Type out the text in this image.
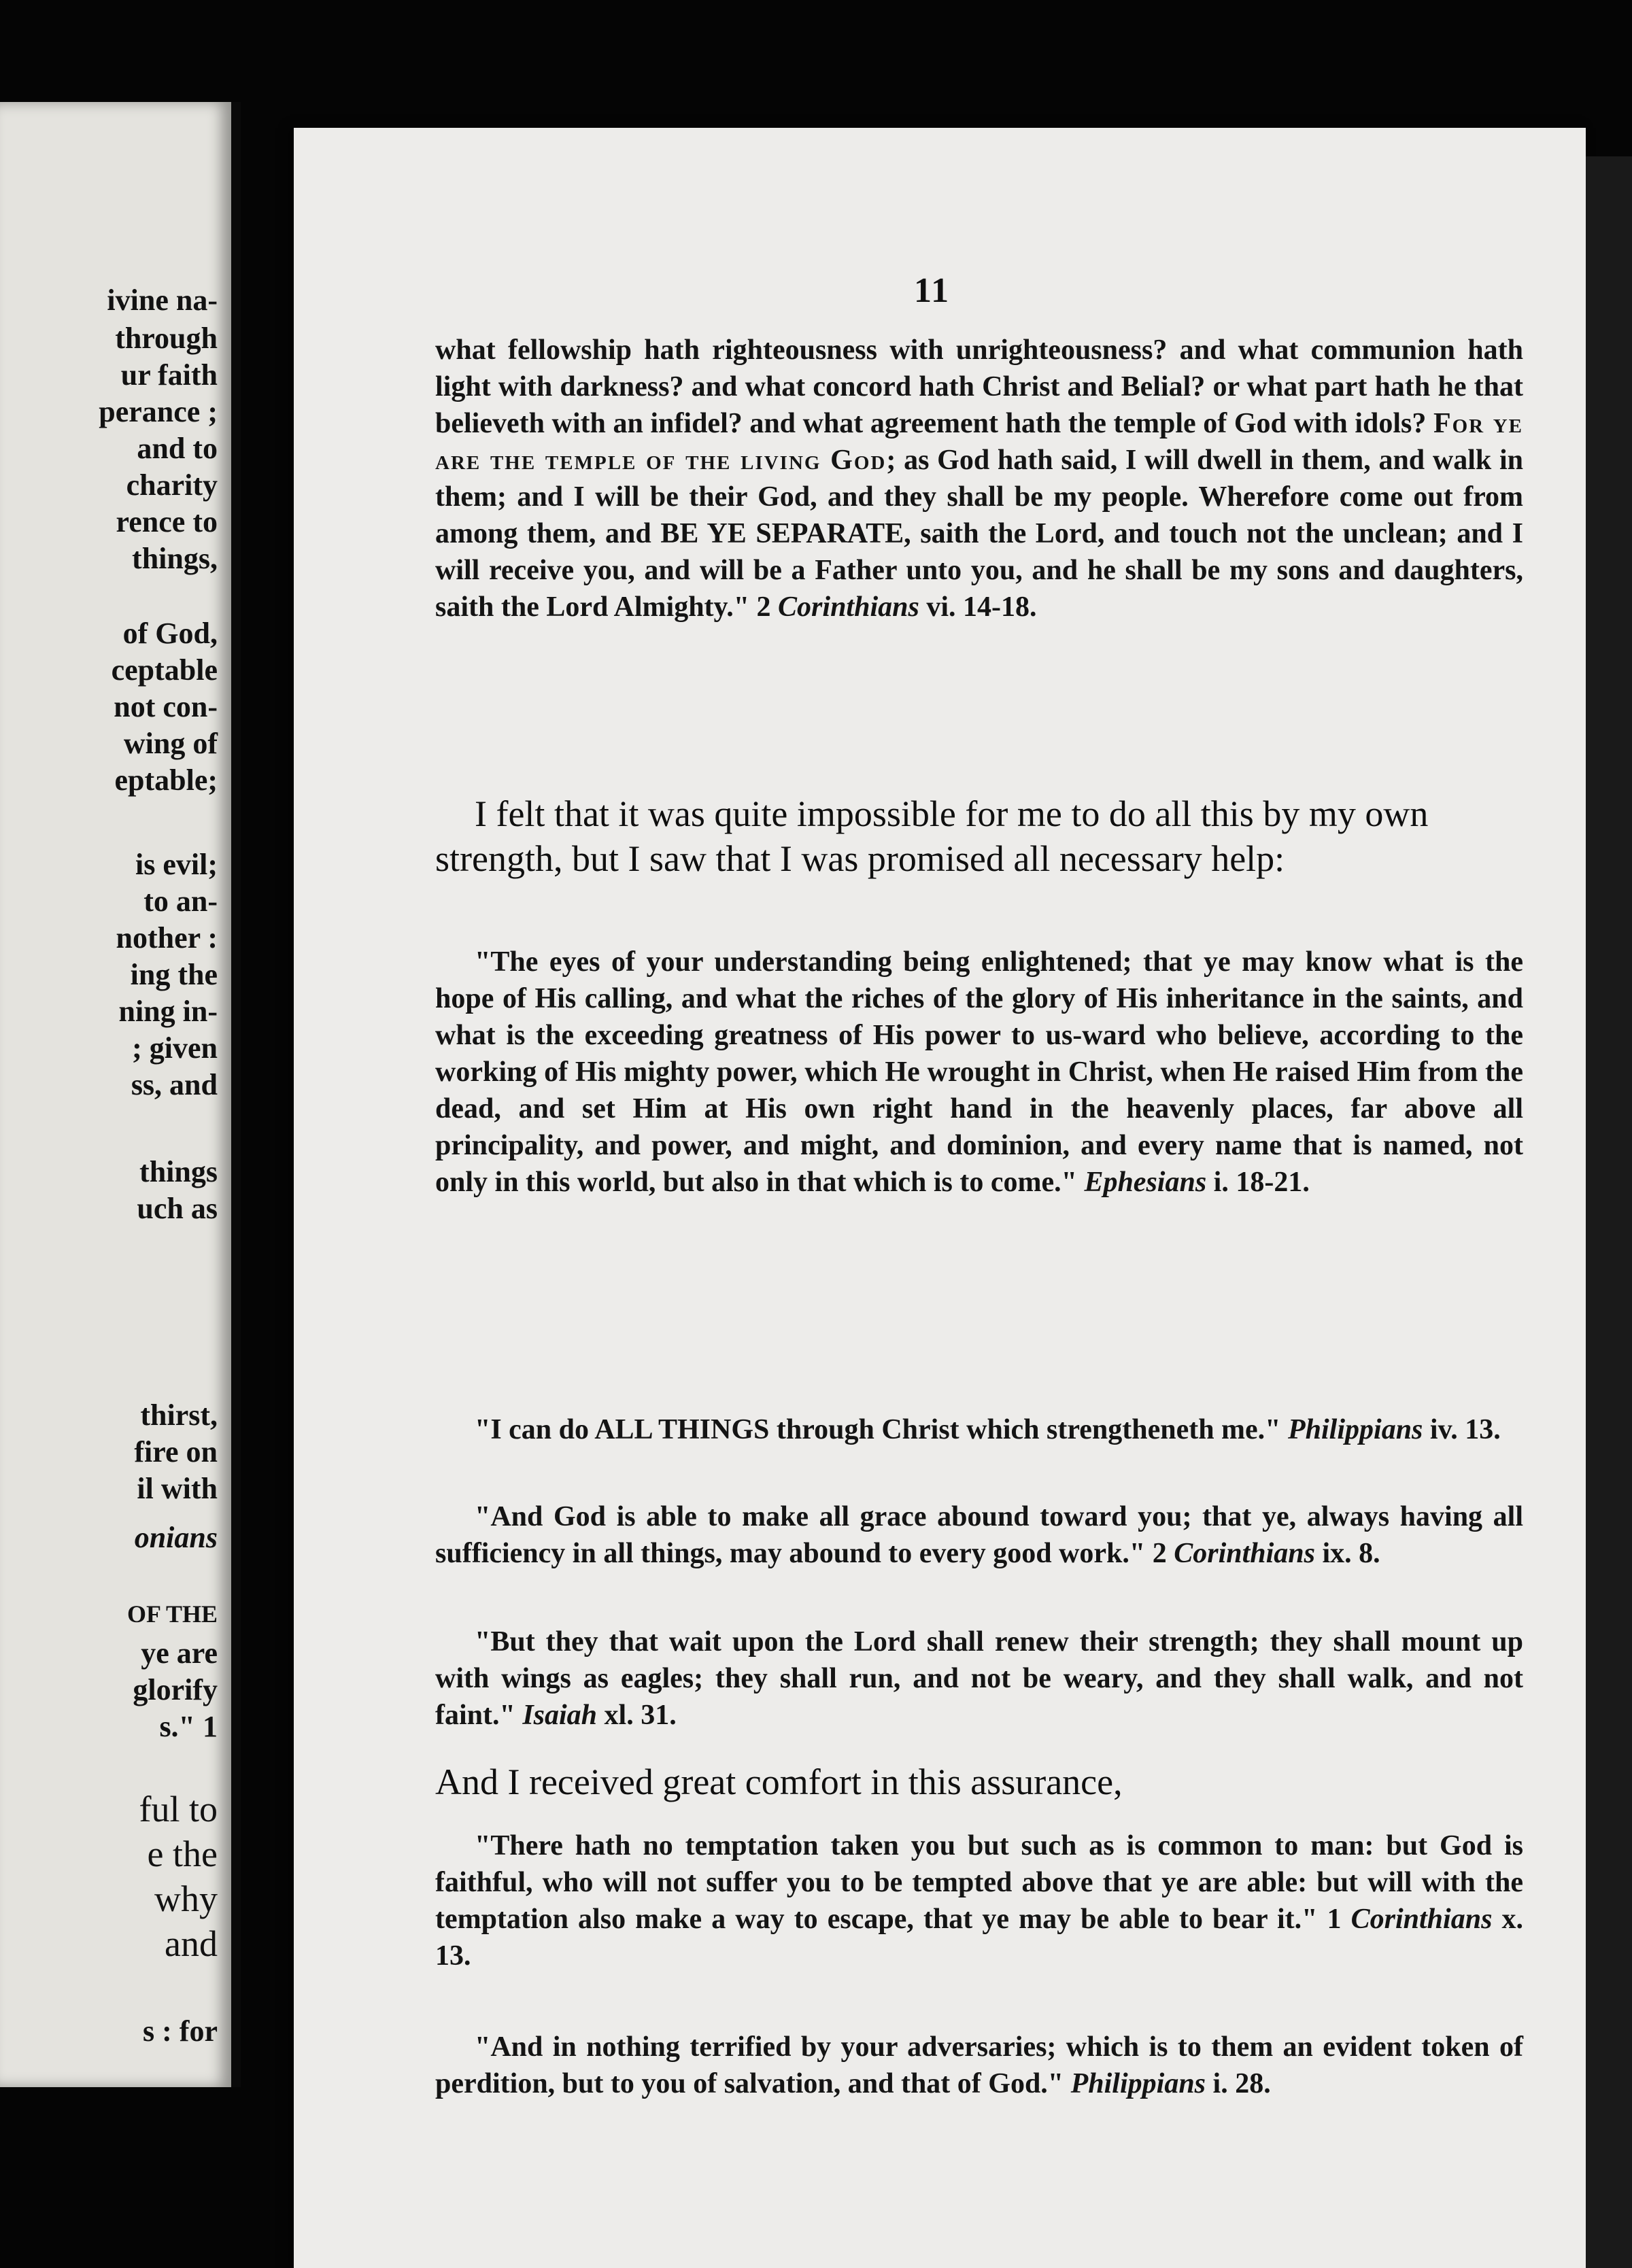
ivine na-
through
ur faith
perance ;
and to
charity
rence to
things,
of God,
ceptable
not con-
wing of
eptable;
is evil;
to an-
nother :
ing the
ning in-
; given
ss, and
things
uch as
thirst,
fire on
il with
onians
OF THE
ye are
glorify
s." 1
ful to
e the
why
and
s : for
11

what fellowship hath righteousness with unrighteousness? and what communion hath light with darkness? and what concord hath Christ and Belial? or what part hath he that believeth with an infidel? and what agreement hath the temple of God with idols? For ye are the temple of the living God; as God hath said, I will dwell in them, and walk in them; and I will be their God, and they shall be my people. Wherefore come out from among them, and BE YE SEPARATE, saith the Lord, and touch not the unclean; and I will receive you, and will be a Father unto you, and he shall be my sons and daughters, saith the Lord Almighty." 2 Corinthians vi. 14-18.

I felt that it was quite impossible for me to do all this by my own strength, but I saw that I was promised all necessary help:

"The eyes of your understanding being enlightened; that ye may know what is the hope of His calling, and what the riches of the glory of His inheritance in the saints, and what is the exceeding greatness of His power to us-ward who believe, according to the working of His mighty power, which He wrought in Christ, when He raised Him from the dead, and set Him at His own right hand in the heavenly places, far above all principality, and power, and might, and dominion, and every name that is named, not only in this world, but also in that which is to come." Ephesians i. 18-21.

"I can do ALL THINGS through Christ which strengtheneth me." Philippians iv. 13.

"And God is able to make all grace abound toward you; that ye, always having all sufficiency in all things, may abound to every good work." 2 Corinthians ix. 8.

"But they that wait upon the Lord shall renew their strength; they shall mount up with wings as eagles; they shall run, and not be weary, and they shall walk, and not faint." Isaiah xl. 31.

And I received great comfort in this assurance,

"There hath no temptation taken you but such as is common to man: but God is faithful, who will not suffer you to be tempted above that ye are able: but will with the temptation also make a way to escape, that ye may be able to bear it." 1 Corinthians x. 13.

"And in nothing terrified by your adversaries; which is to them an evident token of perdition, but to you of salvation, and that of God." Philippians i. 28.
